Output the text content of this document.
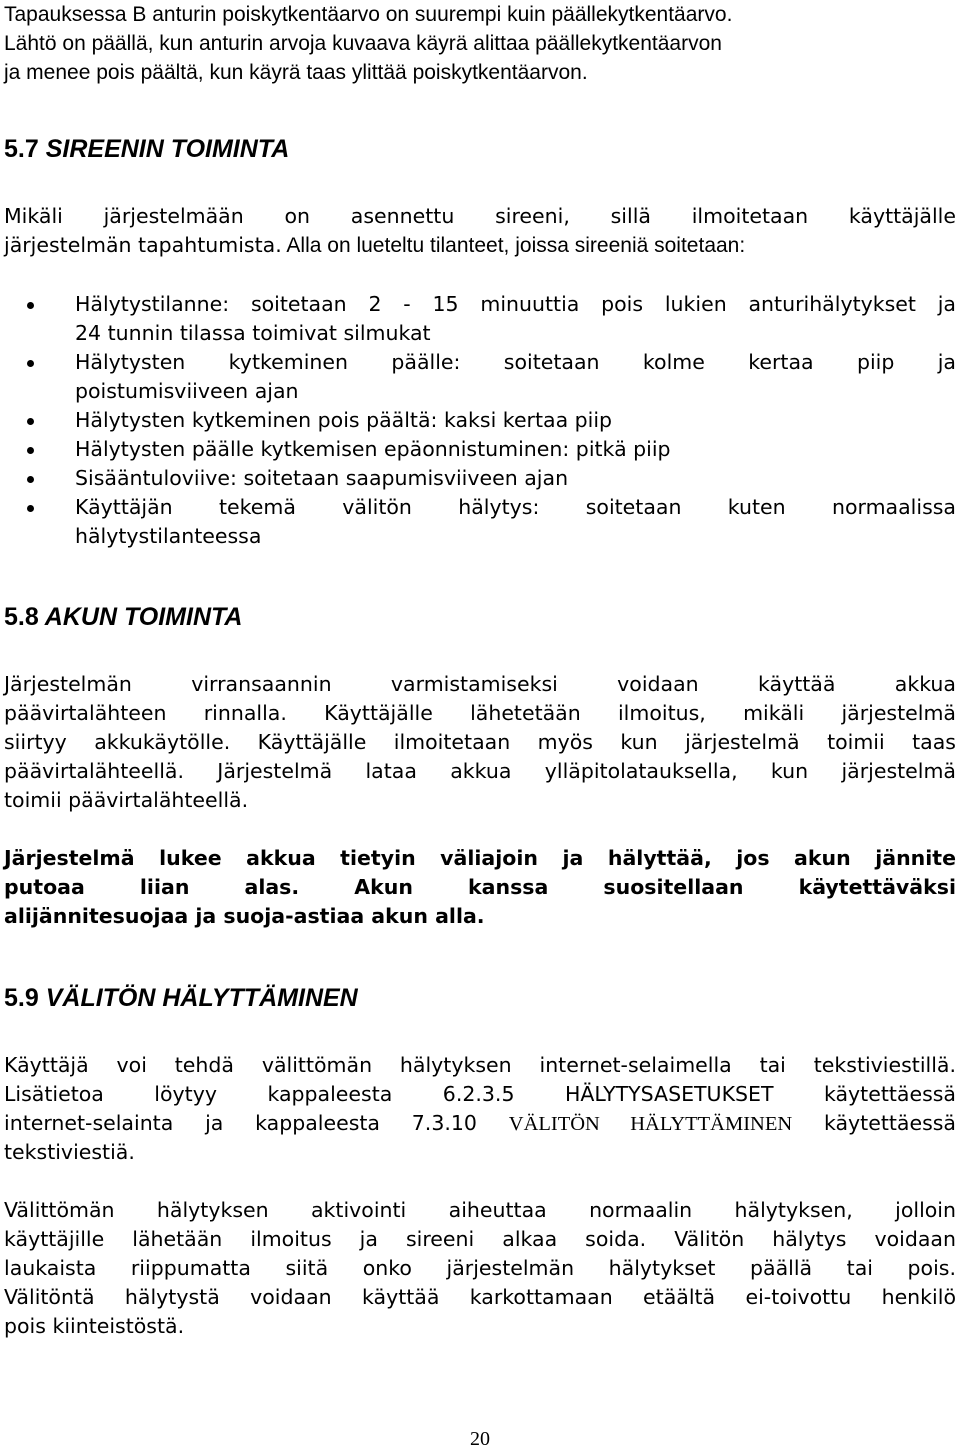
Tapauksessa B anturin poiskytkentäarvo on suurempi kuin päällekytkentäarvo.
Lähtö on päällä, kun anturin arvoja kuvaava käyrä alittaa päällekytkentäarvon
ja menee pois päältä, kun käyrä taas ylittää poiskytkentäarvon.
5.7 SIREENIN TOIMINTA
Mikäli järjestelmään on asennettu sireeni, sillä ilmoitetaan käyttäjälle
järjestelmän tapahtumista. Alla on lueteltu tilanteet, joissa sireeniä soitetaan:
Hälytystilanne: soitetaan 2 - 15 minuuttia pois lukien anturihälytykset ja
24 tunnin tilassa toimivat silmukat
Hälytysten kytkeminen päälle: soitetaan kolme kertaa piip ja
poistumisviiveen ajan
Hälytysten kytkeminen pois päältä: kaksi kertaa piip
Hälytysten päälle kytkemisen epäonnistuminen: pitkä piip
Sisääntuloviive: soitetaan saapumisviiveen ajan
Käyttäjän tekemä välitön hälytys: soitetaan kuten normaalissa
hälytystilanteessa
5.8 AKUN TOIMINTA
Järjestelmän virransaannin varmistamiseksi voidaan käyttää akkua
päävirtalähteen rinnalla. Käyttäjälle lähetetään ilmoitus, mikäli järjestelmä
siirtyy akkukäytölle. Käyttäjälle ilmoitetaan myös kun järjestelmä toimii taas
päävirtalähteellä. Järjestelmä lataa akkua ylläpitolatauksella, kun järjestelmä
toimii päävirtalähteellä.
Järjestelmä lukee akkua tietyin väliajoin ja hälyttää, jos akun jännite
putoaa liian alas. Akun kanssa suositellaan käytettäväksi
alijännitesuojaa ja suoja-astiaa akun alla.
5.9 VÄLITÖN HÄLYTTÄMINEN
Käyttäjä voi tehdä välittömän hälytyksen internet-selaimella tai tekstiviestillä.
Lisätietoa löytyy kappaleesta 6.2.3.5 HÄLYTYSASETUKSET käytettäessä
internet-selainta ja kappaleesta 7.3.10 VÄLITÖN HÄLYTTÄMINEN käytettäessä
tekstiviestiä.
Välittömän hälytyksen aktivointi aiheuttaa normaalin hälytyksen, jolloin
käyttäjille lähetään ilmoitus ja sireeni alkaa soida. Välitön hälytys voidaan
laukaista riippumatta siitä onko järjestelmän hälytykset päällä tai pois.
Välitöntä hälytystä voidaan käyttää karkottamaan etäältä ei-toivottu henkilö
pois kiinteistöstä.
20
